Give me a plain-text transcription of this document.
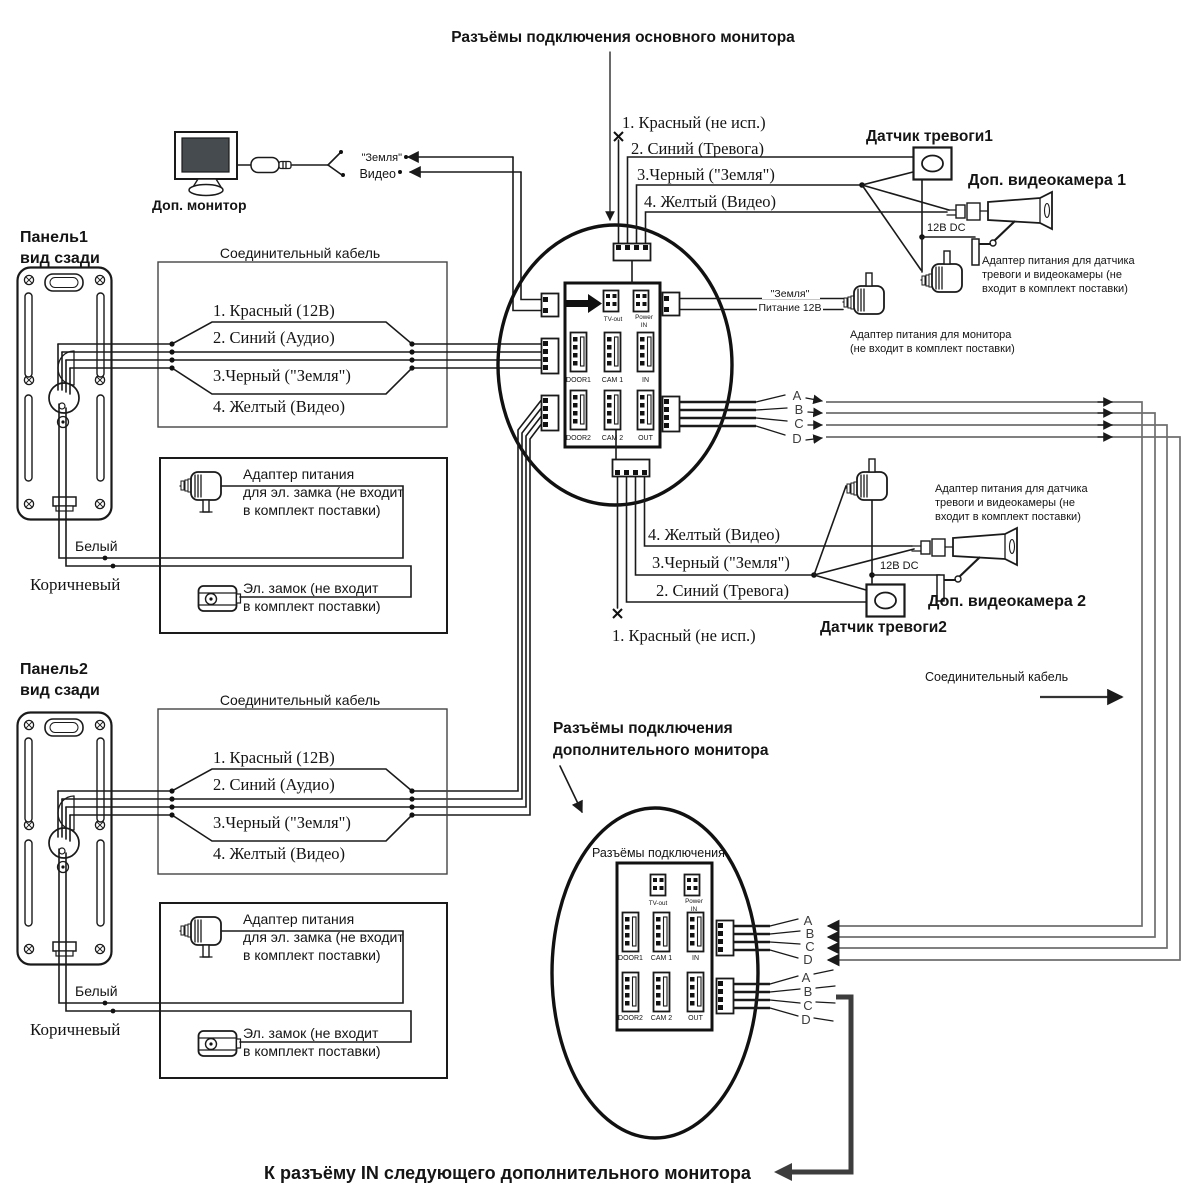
Разъёмы подключения основного монитора
Доп. монитор
"Земля"
Видео
Панель1
вид сзади	Соединительный кабель
1. Красный (12В)
2. Синий (Аудио)
3.Черный ("Земля")
4. Желтый (Видео)
Адаптер питания
для эл. замка (не входит
в комплект поставки)
Эл. замок (не входит
в комплект поставки)
Белый
Коричневый
TV-out Power
IN
DOOR1 CAM 1	IN
DOOR2 CAM 2 OUT
1. Красный (не исп.)
2. Синий (Тревога)
3.Черный ("Земля")
4. Желтый (Видео)
Датчик тревоги1
Доп. видеокамера 1
12В DC
Адаптер питания для датчика
тревоги и видеокамеры (не
входит в комплект поставки)
"Земля"
Питание 12В
Адаптер питания для монитора
(не входит в комплект поставки)
A
B
C
D
Соединительный кабель
4. Желтый (Видео)
3.Черный ("Земля")
2. Синий (Тревога)
1. Красный (не исп.)	Датчик тревоги2
Доп. видеокамера 2
12В DC
Адаптер питания для датчика
тревоги и видеокамеры (не
входит в комплект поставки)
Панель2
вид сзади
Соединительный кабель
1. Красный (12В)
2. Синий (Аудио)
3.Черный ("Земля")
4. Желтый (Видео)
Адаптер питания
для эл. замка (не входит
в комплект поставки)
Эл. замок (не входит
в комплект поставки)
Белый
Коричневый
Разъёмы подключения
дополнительного монитора
Разъёмы подключения
TV-out	Power
IN
DOOR1 CAM 1	IN
DOOR2 CAM 2 OUT
A
B
C
D
A
B
C
D
К разъёму IN следующего дополнительного монитора
